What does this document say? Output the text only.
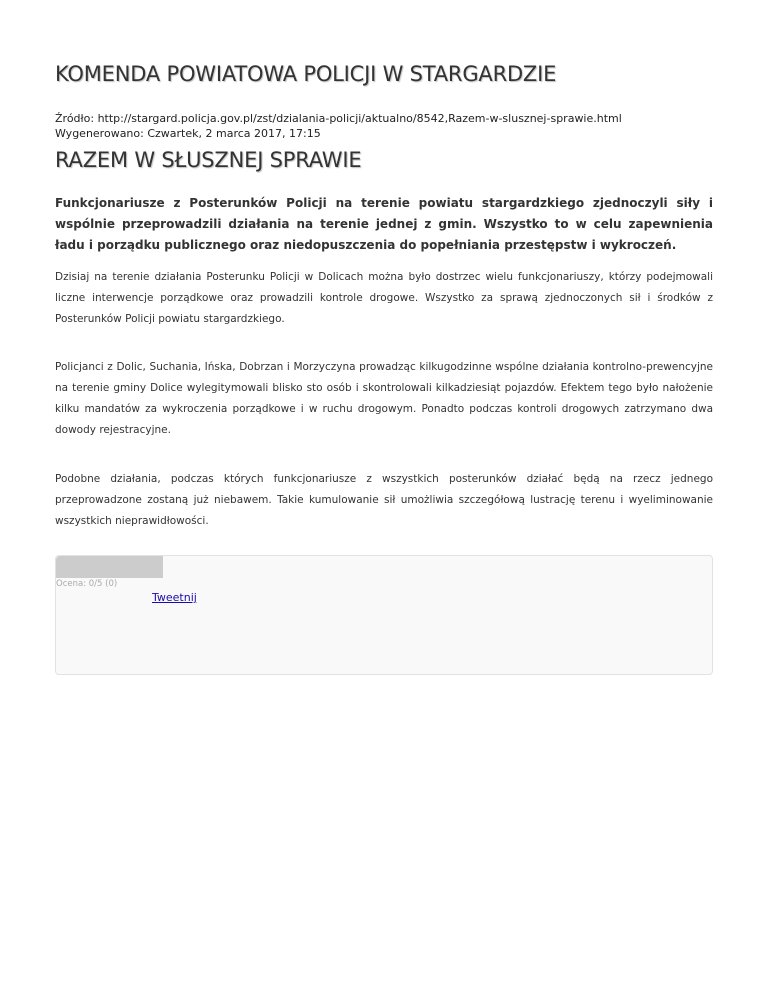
KOMENDA POWIATOWA POLICJI W STARGARDZIE
Źródło: http://stargard.policja.gov.pl/zst/dzialania-policji/aktualno/8542,Razem-w-slusznej-sprawie.html
Wygenerowano: Czwartek, 2 marca 2017, 17:15
RAZEM W SŁUSZNEJ SPRAWIE

Funkcjonariusze z Posterunków Policji na terenie powiatu stargardzkiego zjednoczyli siły i wspólnie przeprowadzili działania na terenie jednej z gmin. Wszystko to w celu zapewnienia ładu i porządku publicznego oraz niedopuszczenia do popełniania przestępstw i wykroczeń.

Dzisiaj na terenie działania Posterunku Policji w Dolicach można było dostrzec wielu funkcjonariuszy, którzy podejmowali liczne interwencje porządkowe oraz prowadzili kontrole drogowe. Wszystko za sprawą zjednoczonych sił i środków z Posterunków Policji powiatu stargardzkiego.

Policjanci z Dolic, Suchania, Ińska, Dobrzan i Morzyczyna prowadząc kilkugodzinne wspólne działania kontrolno-prewencyjne na terenie gminy Dolice wylegitymowali blisko sto osób i skontrolowali kilkadziesiąt pojazdów. Efektem tego było nałożenie kilku mandatów za wykroczenia porządkowe i w ruchu drogowym. Ponadto podczas kontroli drogowych zatrzymano dwa dowody rejestracyjne.

Podobne działania, podczas których funkcjonariusze z wszystkich posterunków działać będą na rzecz jednego przeprowadzone zostaną już niebawem. Takie kumulowanie sił umożliwia szczegółową lustrację terenu i wyeliminowanie wszystkich nieprawidłowości.

Ocena: 0/5 (0)
Tweetnij
